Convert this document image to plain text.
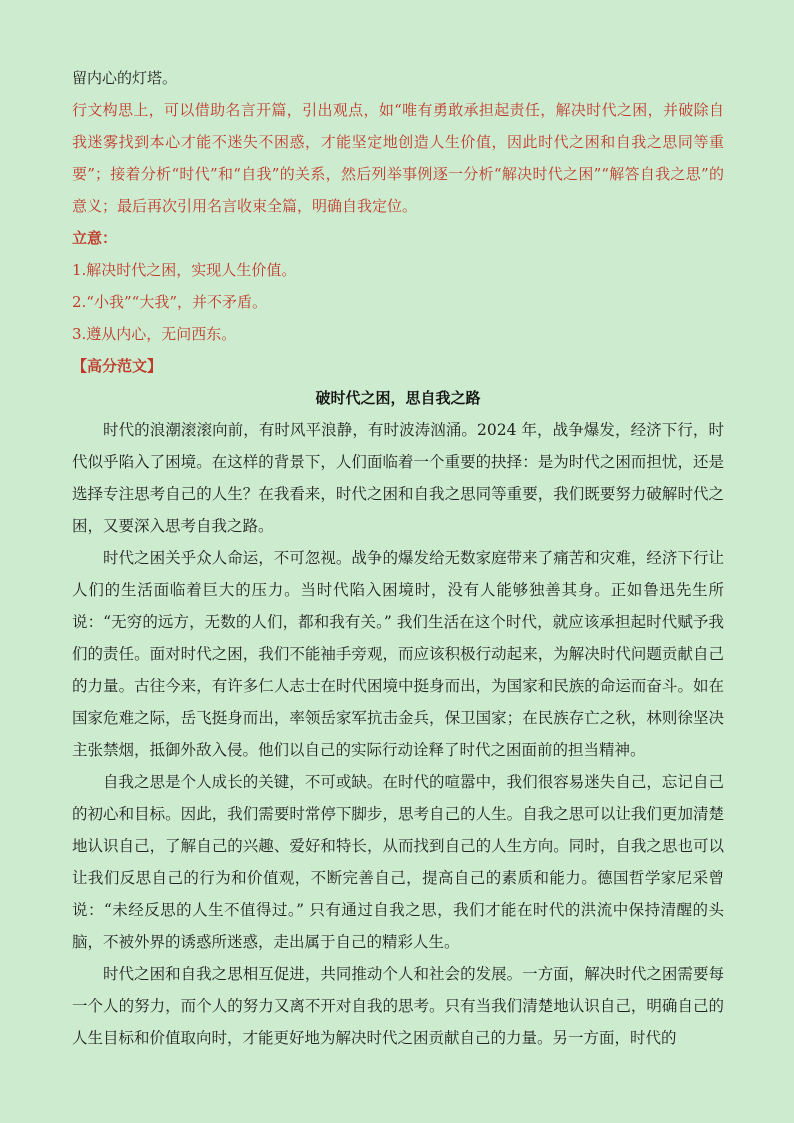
留内心的灯塔。

行文构思上，可以借助名言开篇，引出观点，如“唯有勇敢承担起责任，解决时代之困，并破除自我迷雾找到本心才能不迷失不困惑，才能坚定地创造人生价值，因此时代之困和自我之思同等重要”；接着分析“时代”和“自我”的关系，然后列举事例逐一分析“解决时代之困”“解答自我之思”的意义；最后再次引用名言收束全篇，明确自我定位。

立意：

1.解决时代之困，实现人生价值。

2.“小我”“大我”，并不矛盾。

3.遵从内心，无问西东。

【高分范文】

破时代之困，思自我之路

时代的浪潮滚滚向前，有时风平浪静，有时波涛汹涌。2024 年，战争爆发，经济下行，时代似乎陷入了困境。在这样的背景下，人们面临着一个重要的抉择：是为时代之困而担忧，还是选择专注思考自己的人生？在我看来，时代之困和自我之思同等重要，我们既要努力破解时代之困，又要深入思考自我之路。

时代之困关乎众人命运，不可忽视。战争的爆发给无数家庭带来了痛苦和灾难，经济下行让人们的生活面临着巨大的压力。当时代陷入困境时，没有人能够独善其身。正如鲁迅先生所说：“无穷的远方，无数的人们，都和我有关。” 我们生活在这个时代，就应该承担起时代赋予我们的责任。面对时代之困，我们不能袖手旁观，而应该积极行动起来，为解决时代问题贡献自己的力量。古往今来，有许多仁人志士在时代困境中挺身而出，为国家和民族的命运而奋斗。如在国家危难之际，岳飞挺身而出，率领岳家军抗击金兵，保卫国家；在民族存亡之秋，林则徐坚决主张禁烟，抵御外敌入侵。他们以自己的实际行动诠释了时代之困面前的担当精神。

自我之思是个人成长的关键，不可或缺。在时代的喧嚣中，我们很容易迷失自己，忘记自己的初心和目标。因此，我们需要时常停下脚步，思考自己的人生。自我之思可以让我们更加清楚地认识自己，了解自己的兴趣、爱好和特长，从而找到自己的人生方向。同时，自我之思也可以让我们反思自己的行为和价值观，不断完善自己，提高自己的素质和能力。德国哲学家尼采曾说：“未经反思的人生不值得过。” 只有通过自我之思，我们才能在时代的洪流中保持清醒的头脑，不被外界的诱惑所迷惑，走出属于自己的精彩人生。

时代之困和自我之思相互促进，共同推动个人和社会的发展。一方面，解决时代之困需要每一个人的努力，而个人的努力又离不开对自我的思考。只有当我们清楚地认识自己，明确自己的人生目标和价值取向时，才能更好地为解决时代之困贡献自己的力量。另一方面，时代的
